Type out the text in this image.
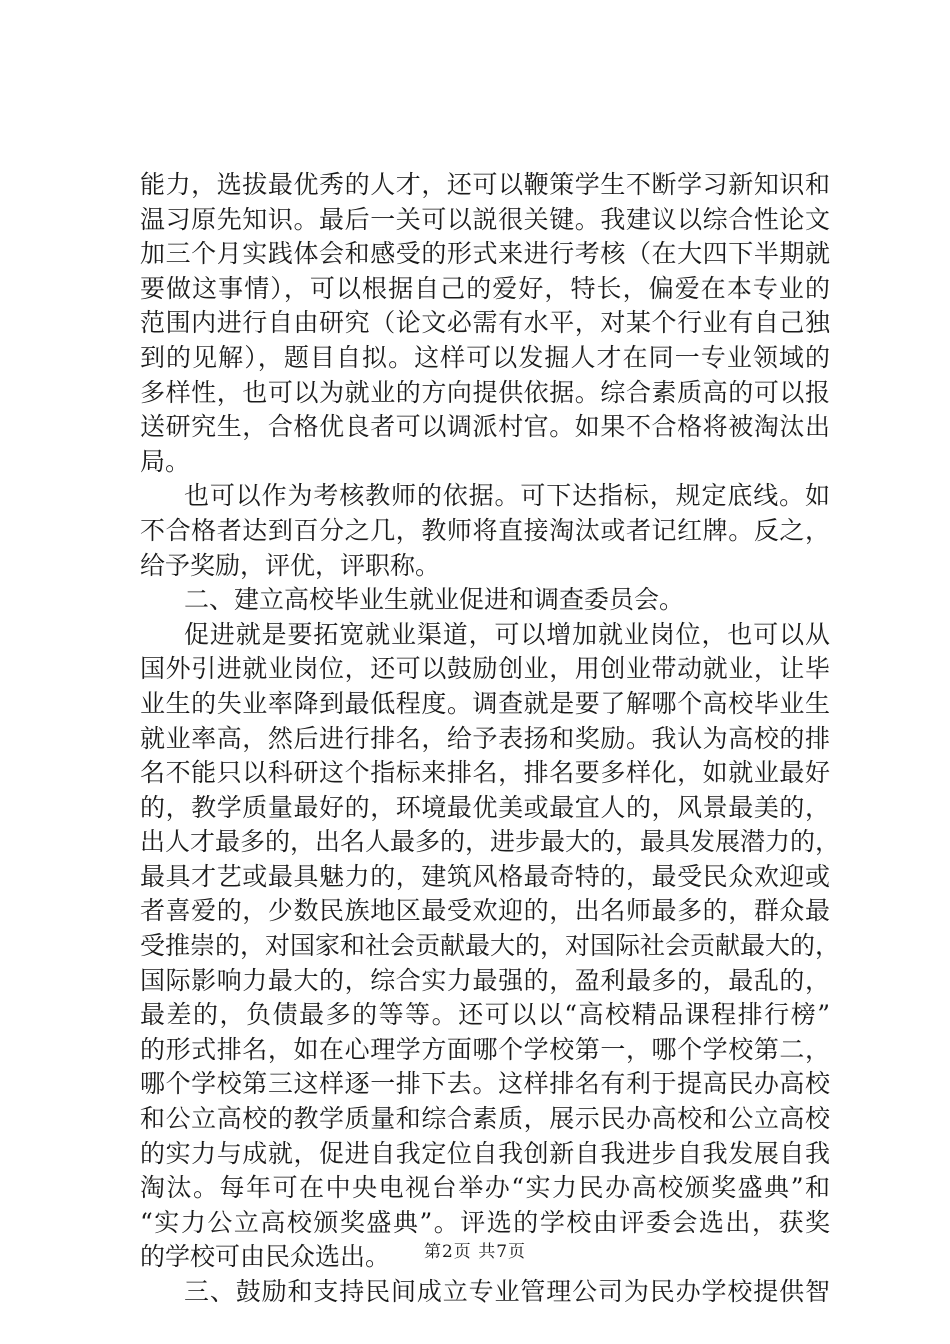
能力，选拔最优秀的人才，还可以鞭策学生不断学习新知识和
温习原先知识。最后一关可以説很关键。我建议以综合性论文
加三个月实践体会和感受的形式来进行考核（在大四下半期就
要做这事情），可以根据自己的爱好，特长，偏爱在本专业的
范围内进行自由研究（论文必需有水平，对某个行业有自己独
到的见解），题目自拟。这样可以发掘人才在同一专业领域的
多样性，也可以为就业的方向提供依据。综合素质高的可以报
送研究生，合格优良者可以调派村官。如果不合格将被淘汰出
局。
也可以作为考核教师的依据。可下达指标，规定底线。如
不合格者达到百分之几，教师将直接淘汰或者记红牌。反之，
给予奖励，评优，评职称。
二、建立高校毕业生就业促进和调查委员会。
促进就是要拓宽就业渠道，可以增加就业岗位，也可以从
国外引进就业岗位，还可以鼓励创业，用创业带动就业，让毕
业生的失业率降到最低程度。调查就是要了解哪个高校毕业生
就业率高，然后进行排名，给予表扬和奖励。我认为高校的排
名不能只以科研这个指标来排名，排名要多样化，如就业最好
的，教学质量最好的，环境最优美或最宜人的，风景最美的，
出人才最多的，出名人最多的，进步最大的，最具发展潜力的，
最具才艺或最具魅力的，建筑风格最奇特的，最受民众欢迎或
者喜爱的，少数民族地区最受欢迎的，出名师最多的，群众最
受推崇的，对国家和社会贡献最大的，对国际社会贡献最大的，
国际影响力最大的，综合实力最强的，盈利最多的，最乱的，
最差的，负债最多的等等。还可以以“高校精品课程排行榜”
的形式排名，如在心理学方面哪个学校第一，哪个学校第二，
哪个学校第三这样逐一排下去。这样排名有利于提高民办高校
和公立高校的教学质量和综合素质，展示民办高校和公立高校
的实力与成就，促进自我定位自我创新自我进步自我发展自我
淘汰。每年可在中央电视台举办“实力民办高校颁奖盛典”和
“实力公立高校颁奖盛典”。评选的学校由评委会选出，获奖
的学校可由民众选出。
三、鼓励和支持民间成立专业管理公司为民办学校提供智
第2页 共7页
